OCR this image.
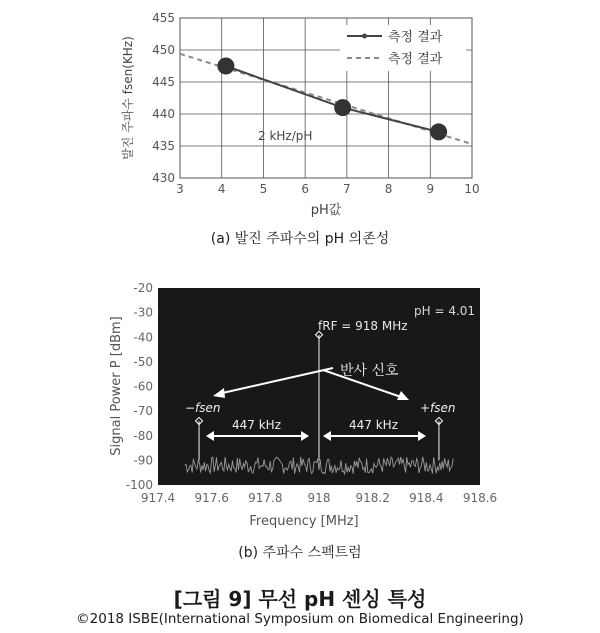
3	4	5	6	7	8	9	10
430
435
440
445
450
455
측정 결과
측정 결과
2 kHz/pH
pH값
발진 주파수 fsen(KHz)
917.4 917.6 917.8 918 918.2 918.4 918.6
-20
-30
-40
-50
-60
-70
-80
-90
-100
pH = 4.01
fRF = 918 MHz
반사 신호
−fsen	+fsen
447 kHz	447 kHz
Frequency [MHz]
Signal Power P [dBm]
(a) 발진 주파수의 pH 의존성
(b) 주파수 스펙트럼
[그림 9] 무선 pH 센싱 특성
©2018 ISBE(International Symposium on Biomedical Engineering)
